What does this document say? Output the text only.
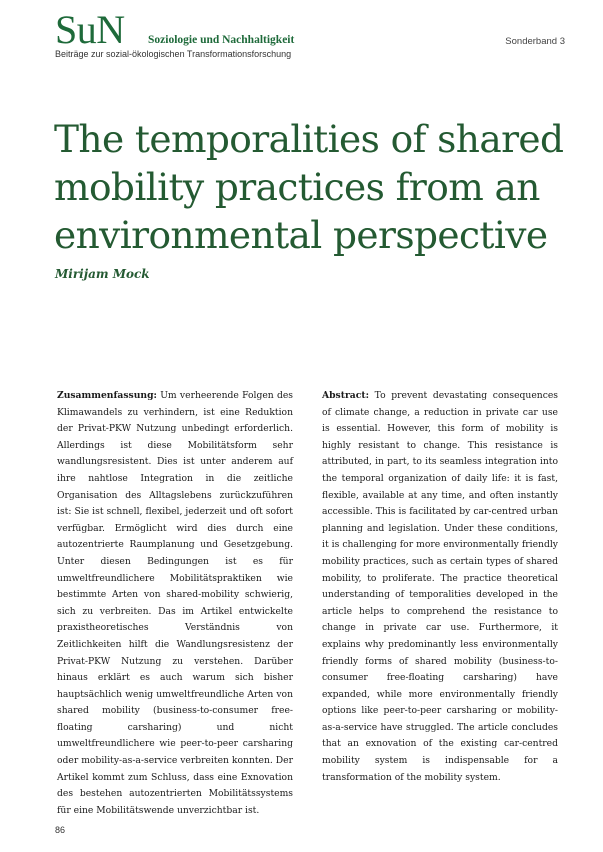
SuN Soziologie und Nachhaltigkeit
Beiträge zur sozial-ökologischen Transformationsforschung
Sonderband 3
The temporalities of shared
mobility practices from an
environmental perspective
Mirijam Mock
Zusammenfassung: Um verheerende Folgen des Klimawandels zu verhindern, ist eine Reduktion der Privat-PKW Nutzung unbedingt erforderlich. Allerdings ist diese Mobilitätsform sehr wandlungsresistent. Dies ist unter anderem auf ihre nahtlose Integration in die zeitliche Organisation des Alltagslebens zurückzuführen ist: Sie ist schnell, flexibel, jederzeit und oft sofort verfügbar. Ermöglicht wird dies durch eine autozentrierte Raumplanung und Gesetzgebung. Unter diesen Bedingungen ist es für umweltfreundlichere Mobilitätspraktiken wie bestimmte Arten von shared-mobility schwierig, sich zu verbreiten. Das im Artikel entwickelte praxistheoretisches Verständnis von Zeitlichkeiten hilft die Wandlungsresistenz der Privat-PKW Nutzung zu verstehen. Darüber hinaus erklärt es auch warum sich bisher hauptsächlich wenig umweltfreundliche Arten von shared mobility (business-to-consumer free-floating carsharing) und nicht umweltfreundlichere wie peer-to-peer carsharing oder mobility-as-a-service verbreiten konnten. Der Artikel kommt zum Schluss, dass eine Exnovation des bestehen autozentrierten Mobilitätssystems für eine Mobilitätswende unverzichtbar ist.
Abstract: To prevent devastating consequences of climate change, a reduction in private car use is essential. However, this form of mobility is highly resistant to change. This resistance is attributed, in part, to its seamless integration into the temporal organization of daily life: it is fast, flexible, available at any time, and often instantly accessible. This is facilitated by car-centred urban planning and legislation. Under these conditions, it is challenging for more environmentally friendly mobility practices, such as certain types of shared mobility, to proliferate. The practice theoretical understanding of temporalities developed in the article helps to comprehend the resistance to change in private car use. Furthermore, it explains why predominantly less environmentally friendly forms of shared mobility (business-to-consumer free-floating carsharing) have expanded, while more environmentally friendly options like peer-to-peer carsharing or mobility-as-a-service have struggled. The article concludes that an exnovation of the existing car-centred mobility system is indispensable for a transformation of the mobility system.
86
